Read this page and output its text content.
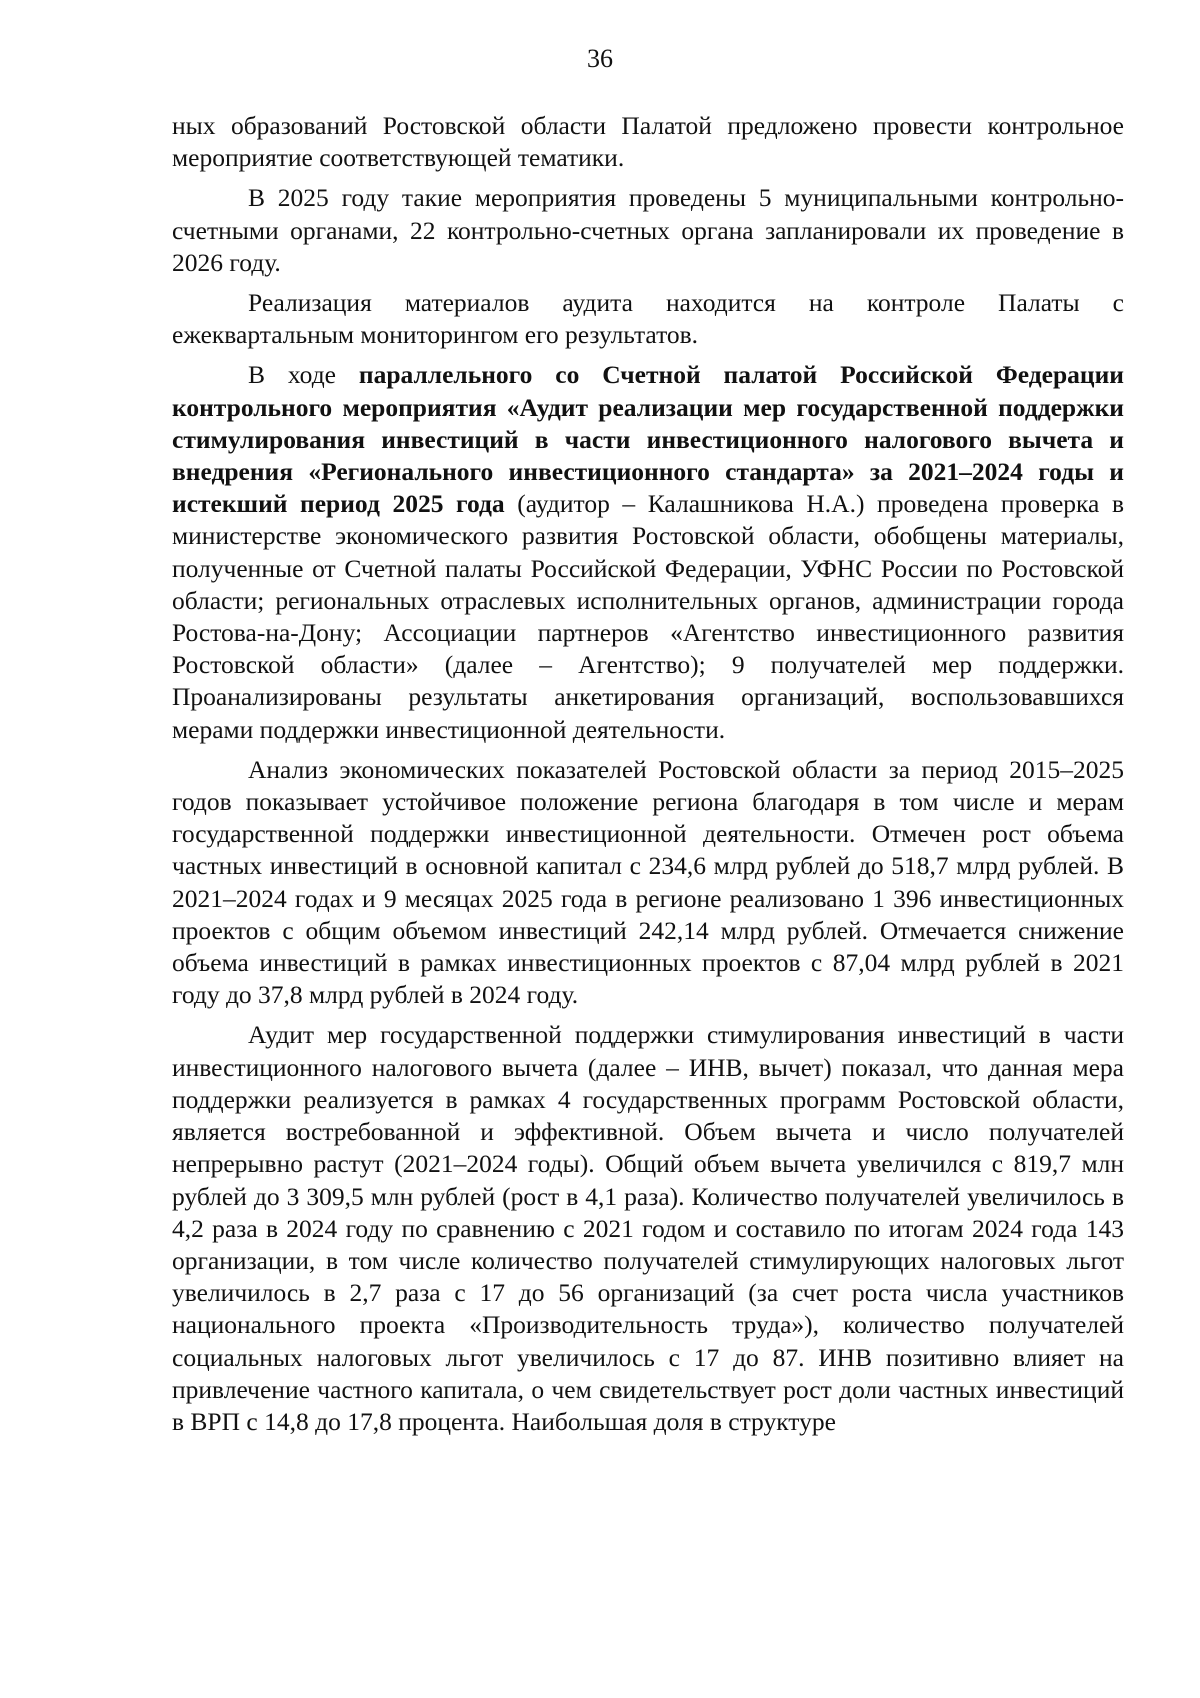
36

ных образований Ростовской области Палатой предложено провести контрольное мероприятие соответствующей тематики.

В 2025 году такие мероприятия проведены 5 муниципальными контрольно-счетными органами, 22 контрольно-счетных органа запланировали их проведение в 2026 году.

Реализация материалов аудита находится на контроле Палаты с ежеквартальным мониторингом его результатов.

В ходе параллельного со Счетной палатой Российской Федерации контрольного мероприятия «Аудит реализации мер государственной поддержки стимулирования инвестиций в части инвестиционного налогового вычета и внедрения «Регионального инвестиционного стандарта» за 2021–2024 годы и истекший период 2025 года (аудитор – Калашникова Н.А.) проведена проверка в министерстве экономического развития Ростовской области, обобщены материалы, полученные от Счетной палаты Российской Федерации, УФНС России по Ростовской области; региональных отраслевых исполнительных органов, администрации города Ростова-на-Дону; Ассоциации партнеров «Агентство инвестиционного развития Ростовской области» (далее – Агентство); 9 получателей мер поддержки. Проанализированы результаты анкетирования организаций, воспользовавшихся мерами поддержки инвестиционной деятельности.

Анализ экономических показателей Ростовской области за период 2015–2025 годов показывает устойчивое положение региона благодаря в том числе и мерам государственной поддержки инвестиционной деятельности. Отмечен рост объема частных инвестиций в основной капитал с 234,6 млрд рублей до 518,7 млрд рублей. В 2021–2024 годах и 9 месяцах 2025 года в регионе реализовано 1 396 инвестиционных проектов с общим объемом инвестиций 242,14 млрд рублей. Отмечается снижение объема инвестиций в рамках инвестиционных проектов с 87,04 млрд рублей в 2021 году до 37,8 млрд рублей в 2024 году.

Аудит мер государственной поддержки стимулирования инвестиций в части инвестиционного налогового вычета (далее – ИНВ, вычет) показал, что данная мера поддержки реализуется в рамках 4 государственных программ Ростовской области, является востребованной и эффективной. Объем вычета и число получателей непрерывно растут (2021–2024 годы). Общий объем вычета увеличился с 819,7 млн рублей до 3 309,5 млн рублей (рост в 4,1 раза). Количество получателей увеличилось в 4,2 раза в 2024 году по сравнению с 2021 годом и составило по итогам 2024 года 143 организации, в том числе количество получателей стимулирующих налоговых льгот увеличилось в 2,7 раза с 17 до 56 организаций (за счет роста числа участников национального проекта «Производительность труда»), количество получателей социальных налоговых льгот увеличилось с 17 до 87. ИНВ позитивно влияет на привлечение частного капитала, о чем свидетельствует рост доли частных инвестиций в ВРП с 14,8 до 17,8 процента. Наибольшая доля в структуре
